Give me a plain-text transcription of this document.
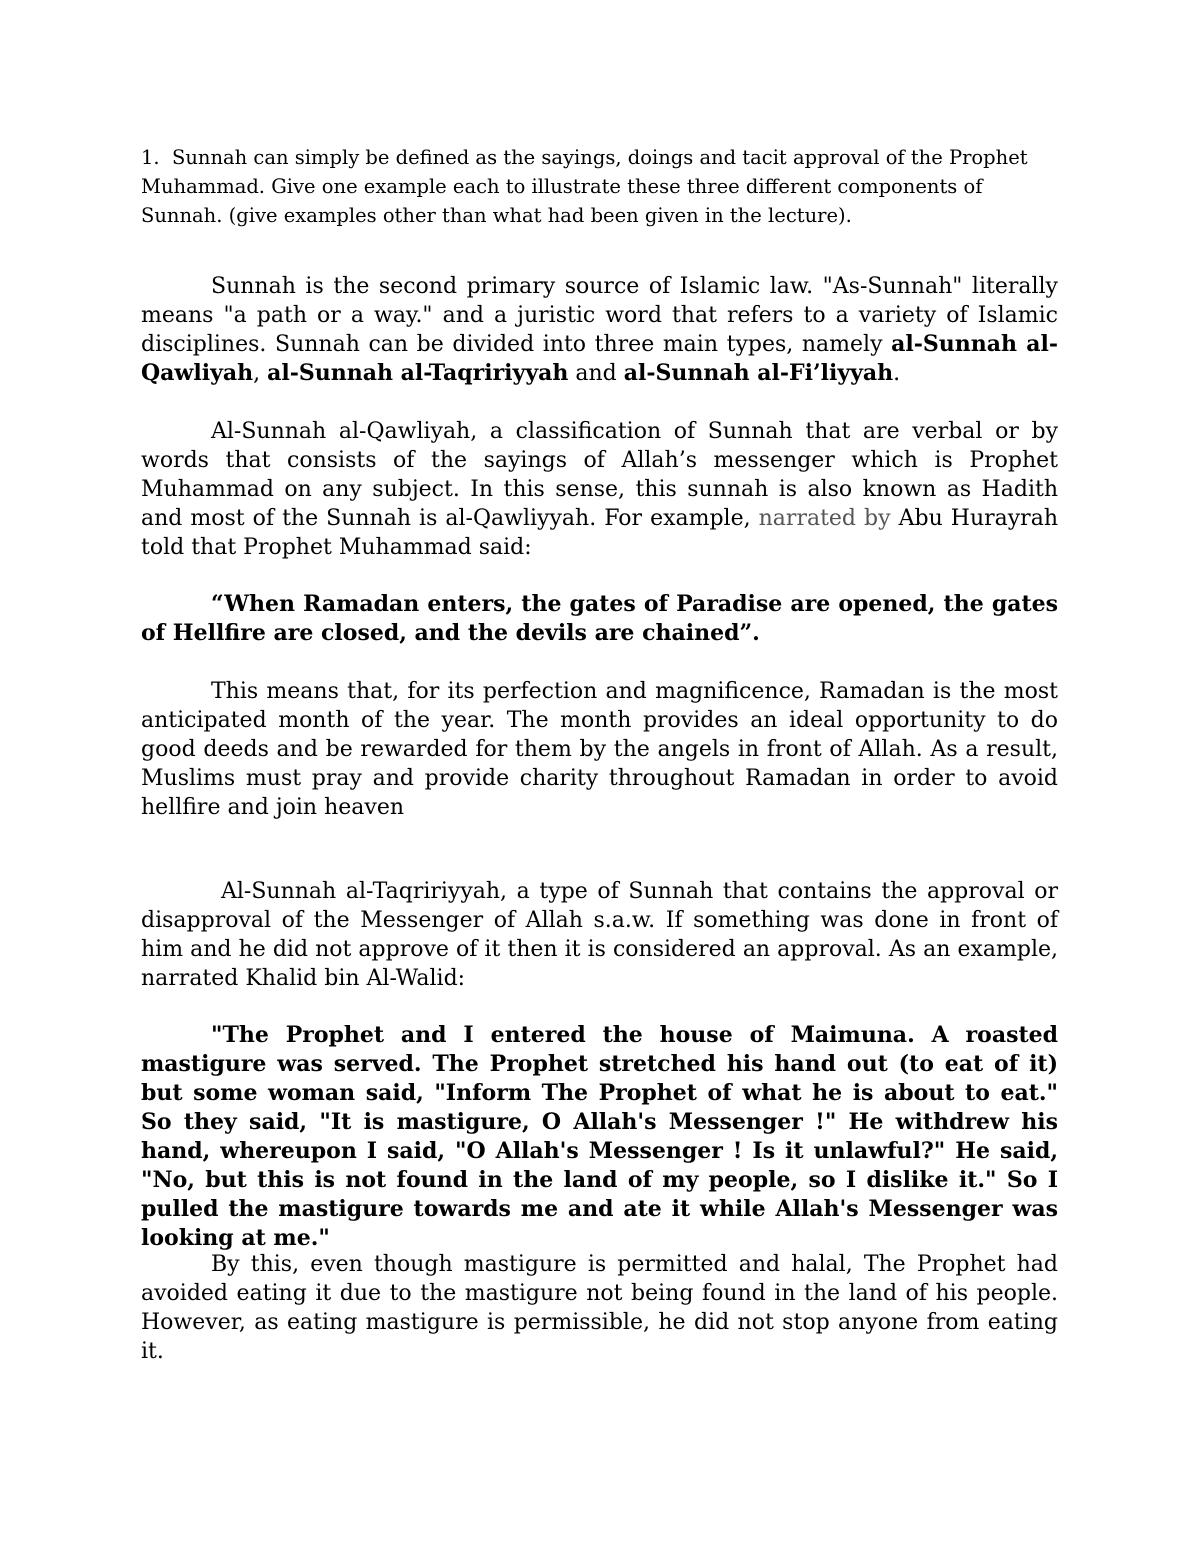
1. Sunnah can simply be defined as the sayings, doings and tacit approval of the Prophet Muhammad. Give one example each to illustrate these three different components of Sunnah. (give examples other than what had been given in the lecture).

Sunnah is the second primary source of Islamic law. "As-Sunnah" literally means "a path or a way." and a juristic word that refers to a variety of Islamic disciplines. Sunnah can be divided into three main types, namely al-Sunnah al-Qawliyah, al-Sunnah al-Taqririyyah and al-Sunnah al-Fi’liyyah.

Al-Sunnah al-Qawliyah, a classification of Sunnah that are verbal or by words that consists of the sayings of Allah’s messenger which is Prophet Muhammad on any subject. In this sense, this sunnah is also known as Hadith and most of the Sunnah is al-Qawliyyah. For example, narrated by Abu Hurayrah told that Prophet Muhammad said:

“When Ramadan enters, the gates of Paradise are opened, the gates of Hellfire are closed, and the devils are chained”.

This means that, for its perfection and magnificence, Ramadan is the most anticipated month of the year. The month provides an ideal opportunity to do good deeds and be rewarded for them by the angels in front of Allah. As a result, Muslims must pray and provide charity throughout Ramadan in order to avoid hellfire and join heaven

Al-Sunnah al-Taqririyyah, a type of Sunnah that contains the approval or disapproval of the Messenger of Allah s.a.w. If something was done in front of him and he did not approve of it then it is considered an approval. As an example, narrated Khalid bin Al-Walid:

"The Prophet and I entered the house of Maimuna. A roasted mastigure was served. The Prophet stretched his hand out (to eat of it) but some woman said, "Inform The Prophet of what he is about to eat." So they said, "It is mastigure, O Allah's Messenger !" He withdrew his hand, whereupon I said, "O Allah's Messenger ! Is it unlawful?" He said, "No, but this is not found in the land of my people, so I dislike it." So I pulled the mastigure towards me and ate it while Allah's Messenger was looking at me."

By this, even though mastigure is permitted and halal, The Prophet had avoided eating it due to the mastigure not being found in the land of his people. However, as eating mastigure is permissible, he did not stop anyone from eating it.
